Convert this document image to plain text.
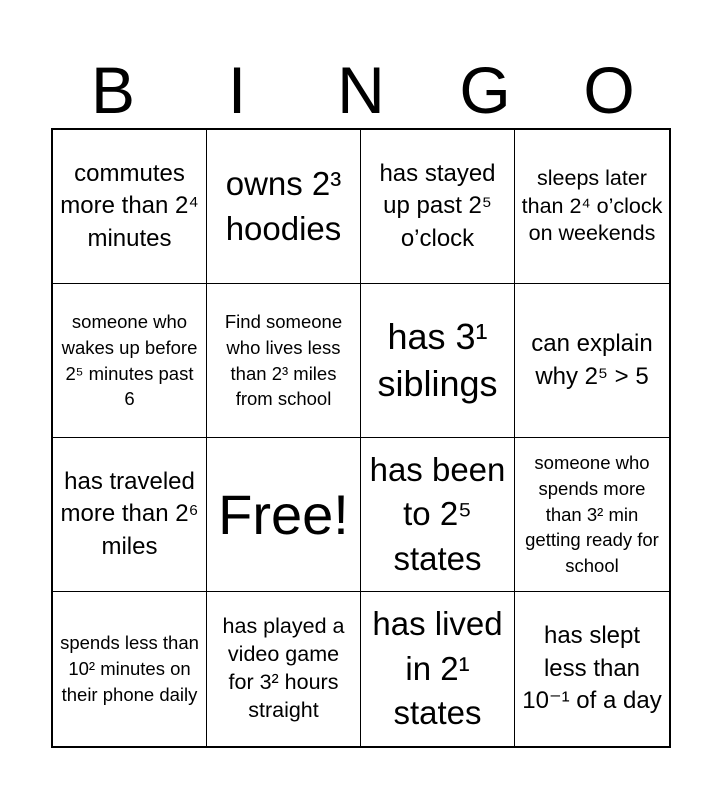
B	I	N	G	O
commutes more than 2⁴ minutes
owns 2³ hoodies
has stayed up past 2⁵ o’clock
sleeps later than 2⁴ o’clock on weekends
someone who wakes up before 2⁵ minutes past 6
Find someone who lives less than 2³ miles from school
has 3¹ siblings
can explain why 2⁵ > 5
has traveled more than 2⁶ miles
Free!
has been to 2⁵ states
someone who spends more than 3² min getting ready for school
spends less than 10² minutes on their phone daily
has played a video game for 3² hours straight
has lived in 2¹ states
has slept less than 10⁻¹ of a day
